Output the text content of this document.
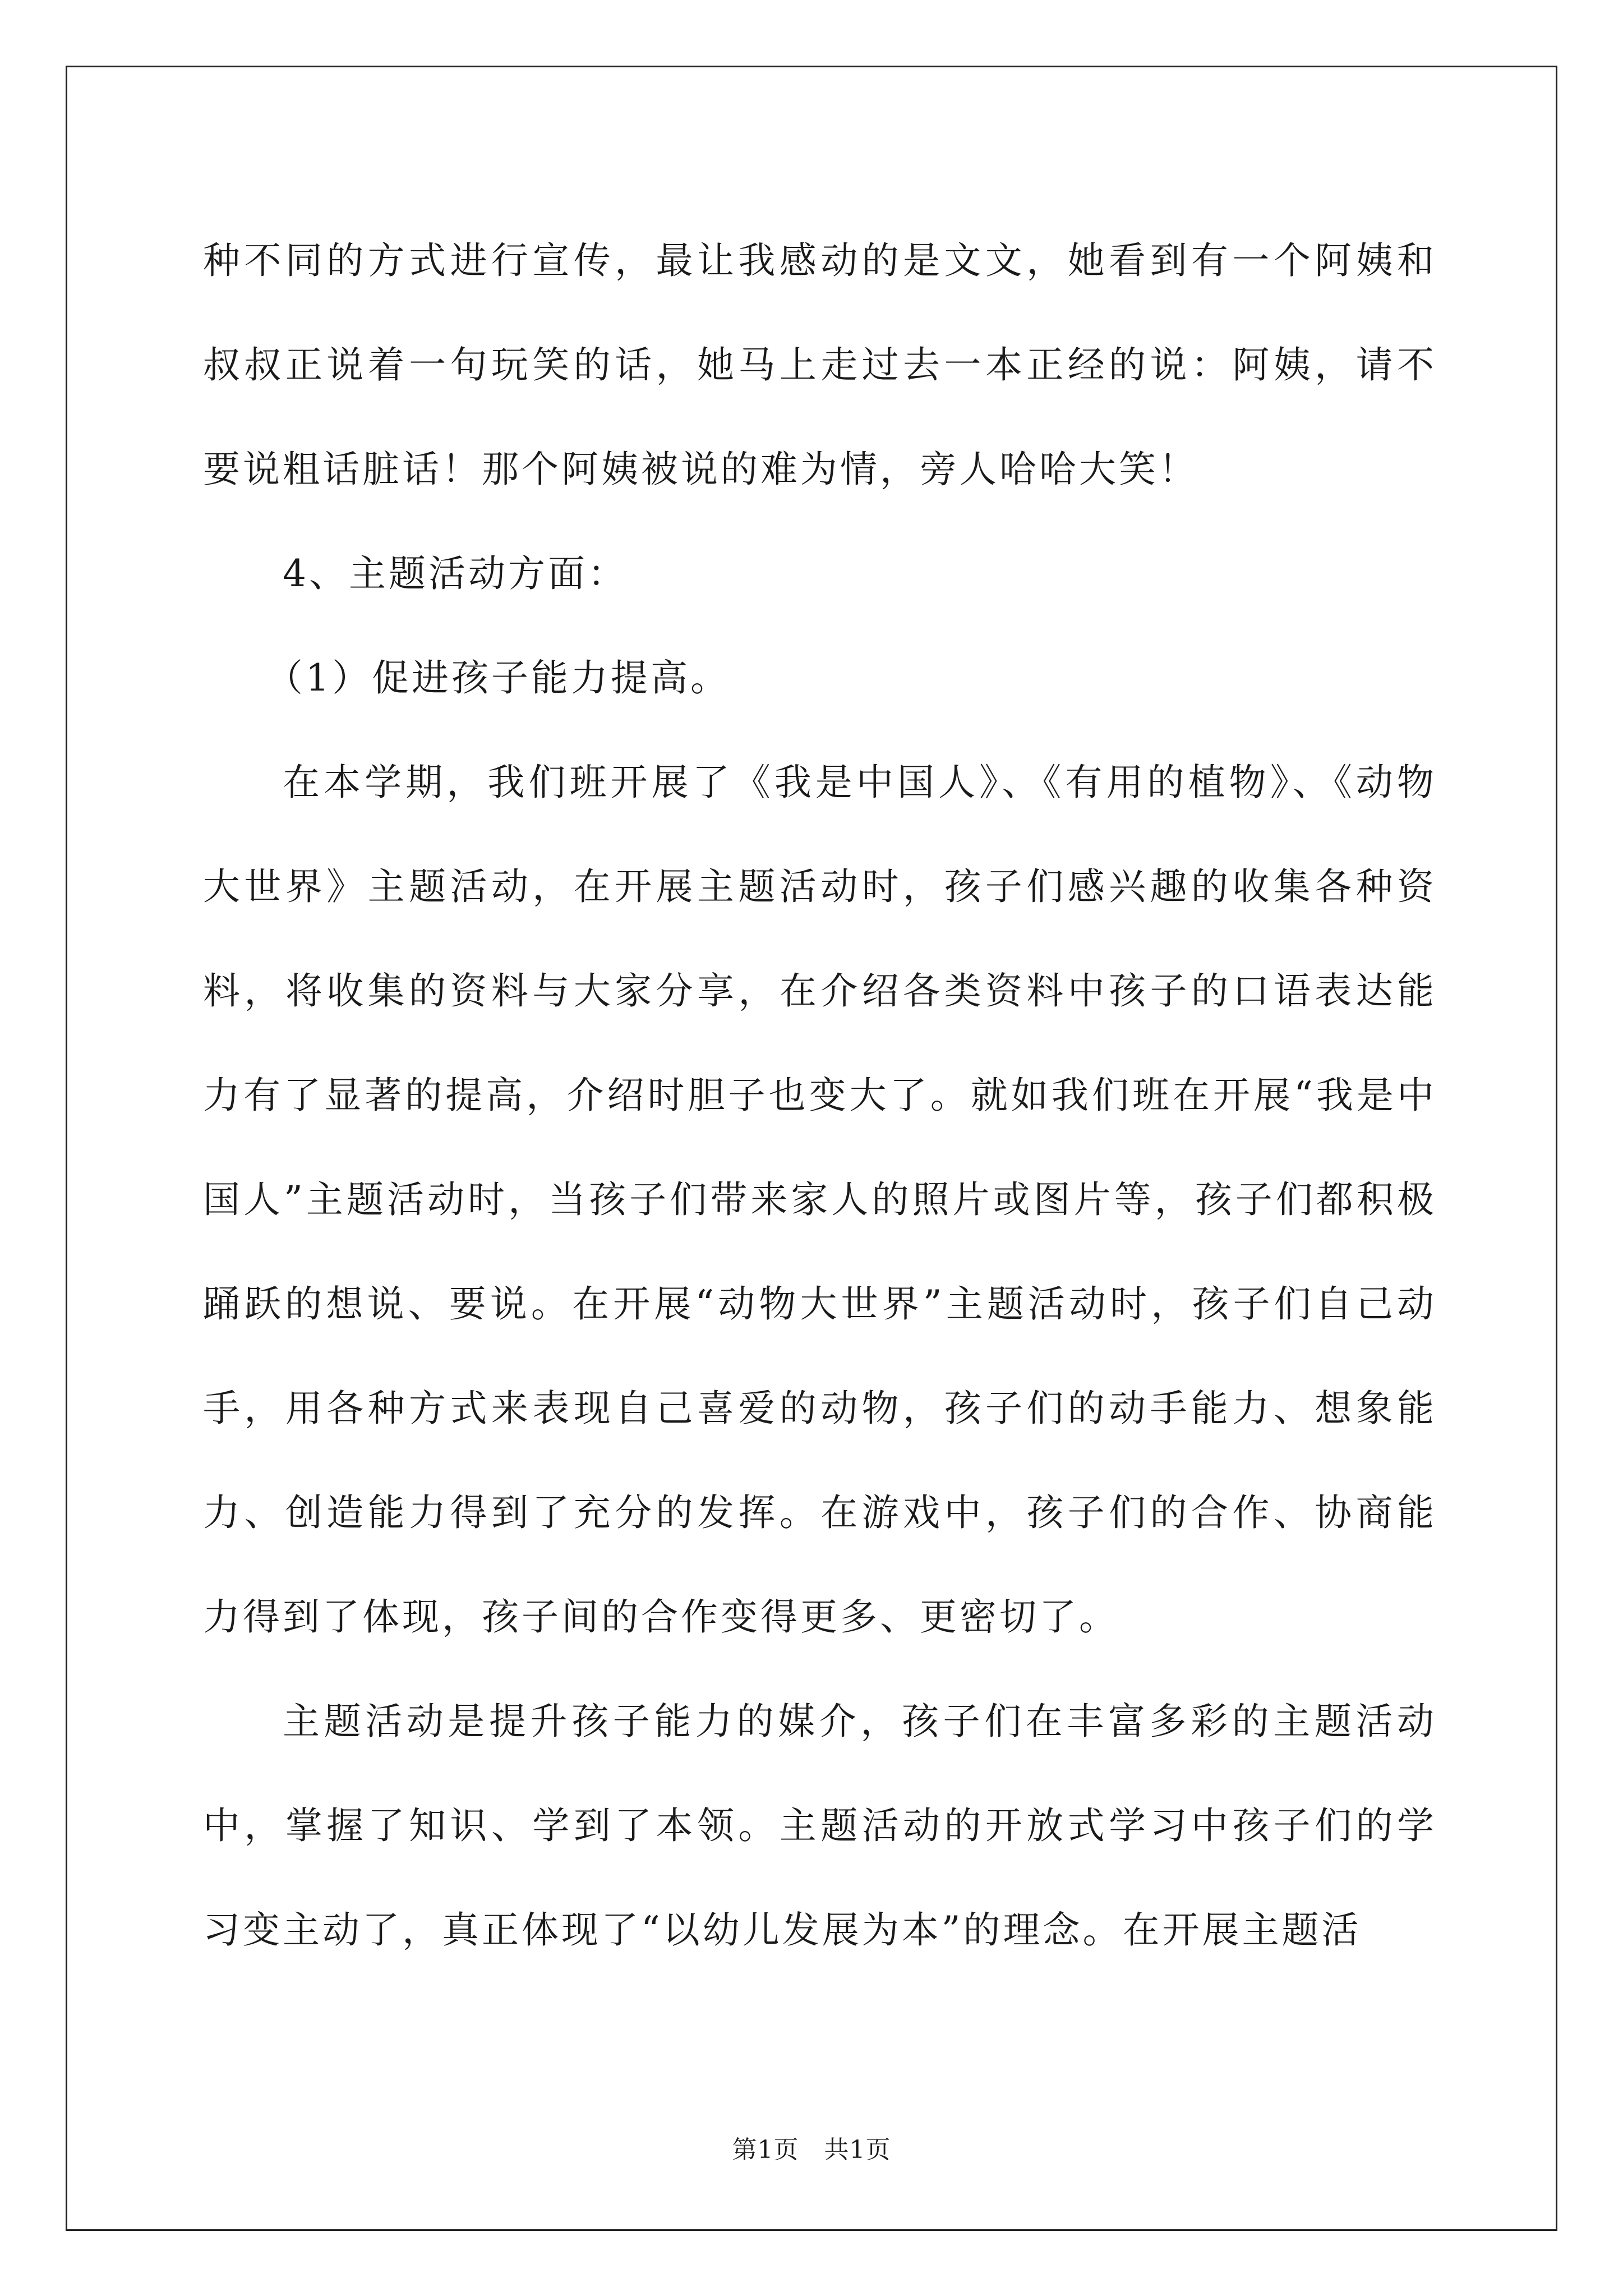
种不同的方式进行宣传，最让我感动的是文文，她看到有一个阿姨和叔叔正说着一句玩笑的话，她马上走过去一本正经的说：阿姨，请不要说粗话脏话！那个阿姨被说的难为情，旁人哈哈大笑！

4、主题活动方面：

（1）促进孩子能力提高。

在本学期，我们班开展了《我是中国人》、《有用的植物》、《动物大世界》主题活动，在开展主题活动时，孩子们感兴趣的收集各种资料，将收集的资料与大家分享，在介绍各类资料中孩子的口语表达能力有了显著的提高，介绍时胆子也变大了。就如我们班在开展“我是中国人”主题活动时，当孩子们带来家人的照片或图片等，孩子们都积极踊跃的想说、要说。在开展“动物大世界”主题活动时，孩子们自己动手，用各种方式来表现自己喜爱的动物，孩子们的动手能力、想象能力、创造能力得到了充分的发挥。在游戏中，孩子们的合作、协商能力得到了体现，孩子间的合作变得更多、更密切了。

主题活动是提升孩子能力的媒介，孩子们在丰富多彩的主题活动中，掌握了知识、学到了本领。主题活动的开放式学习中孩子们的学习变主动了，真正体现了“以幼儿发展为本”的理念。在开展主题活

第1页　共1页
